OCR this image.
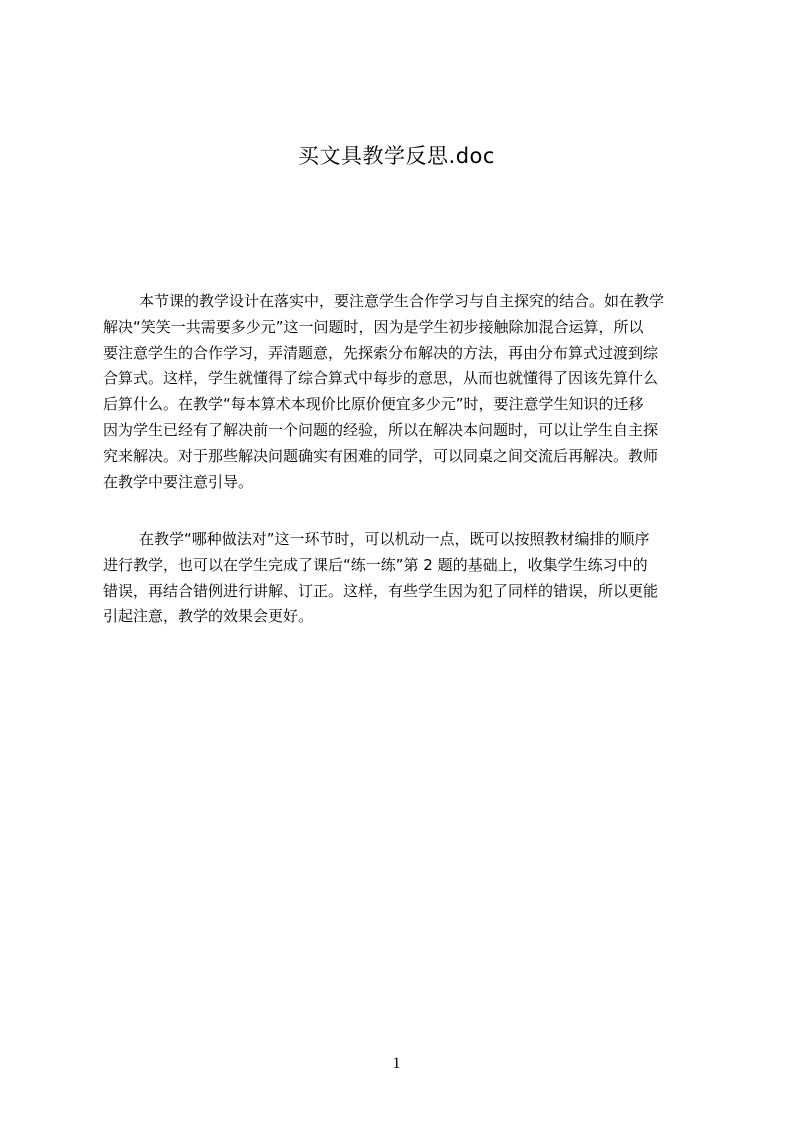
买文具教学反思.doc
本节课的教学设计在落实中，要注意学生合作学习与自主探究的结合。如在教学
解决“笑笑一共需要多少元”这一问题时，因为是学生初步接触除加混合运算，所以
要注意学生的合作学习，弄清题意，先探索分布解决的方法，再由分布算式过渡到综
合算式。这样，学生就懂得了综合算式中每步的意思，从而也就懂得了因该先算什么
后算什么。在教学“每本算术本现价比原价便宜多少元”时，要注意学生知识的迁移
因为学生已经有了解决前一个问题的经验，所以在解决本问题时，可以让学生自主探
究来解决。对于那些解决问题确实有困难的同学，可以同桌之间交流后再解决。教师
在教学中要注意引导。
在教学“哪种做法对”这一环节时，可以机动一点，既可以按照教材编排的顺序
进行教学，也可以在学生完成了课后“练一练”第 2 题的基础上，收集学生练习中的
错误，再结合错例进行讲解、订正。这样，有些学生因为犯了同样的错误，所以更能
引起注意，教学的效果会更好。
1
